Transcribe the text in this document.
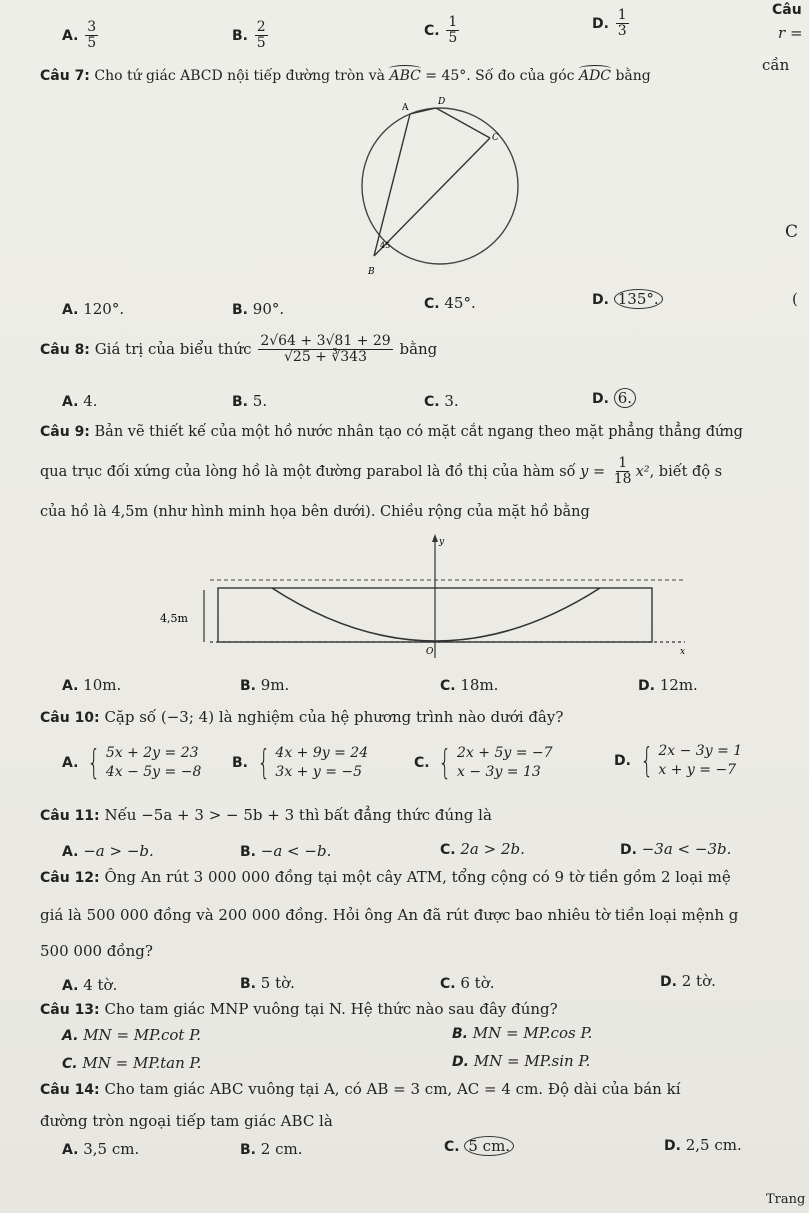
Câu
r =
cần
C
(
A. $\frac{3}{5}$	B. $\frac{2}{5}$	C. $\frac{1}{5}$	D. $\frac{1}{3}$
Câu 7: Cho tứ giác ABCD nội tiếp đường tròn và ABC = 45°. Số đo của góc ADC bằng
A
D
C
B
45
A. 120°.	B. 90°.	C. 45°.	D. 135°.
Câu 8: Giá trị của biểu thức $\frac{2√64 + 3√81 + 29}{√25 + ∛343}$ bằng
A. 4.	B. 5.	C. 3.	D. 6.
Câu 9: Bản vẽ thiết kế của một hồ nước nhân tạo có mặt cắt ngang theo mặt phẳng thẳng đứng
qua trục đối xứng của lòng hồ là một đường parabol là đồ thị của hàm số $y = \frac{1}{18} x^2$, biết độ s
của hồ là 4,5m (như hình minh họa bên dưới). Chiều rộng của mặt hồ bằng
4,5m
y
x
O
A. 10m.	B. 9m.	C. 18m.	D. 12m.
Câu 10: Cặp số (−3; 4) là nghiệm của hệ phương trình nào dưới đây?
A. { 5x + 2y = 23
4x − 5y = −8
B. { 4x + 9y = 24
3x + y = −5
C. { 2x + 5y = −7
x − 3y = 13
D. { 2x − 3y = 1
x + y = −7
Câu 11: Nếu −5a + 3 > − 5b + 3 thì bất đẳng thức đúng là
A. −a > −b.	B. −a < −b.	C. 2a > 2b.	D. −3a < −3b.
Câu 12: Ông An rút 3 000 000 đồng tại một cây ATM, tổng cộng có 9 tờ tiền gồm 2 loại mệ
giá là 500 000 đồng và 200 000 đồng. Hỏi ông An đã rút được bao nhiêu tờ tiền loại mệnh g
500 000 đồng?
A. 4 tờ.	B. 5 tờ.	C. 6 tờ.	D. 2 tờ.
Câu 13: Cho tam giác MNP vuông tại N. Hệ thức nào sau đây đúng?
A. MN = MP.cot P.	B. MN = MP.cos P.
C. MN = MP.tan P.	D. MN = MP.sin P.
Câu 14: Cho tam giác ABC vuông tại A, có AB = 3 cm, AC = 4 cm. Độ dài của bán kí
đường tròn ngoại tiếp tam giác ABC là
A. 3,5 cm.	B. 2 cm.	C. 5 cm.	D. 2,5 cm.
Trang
